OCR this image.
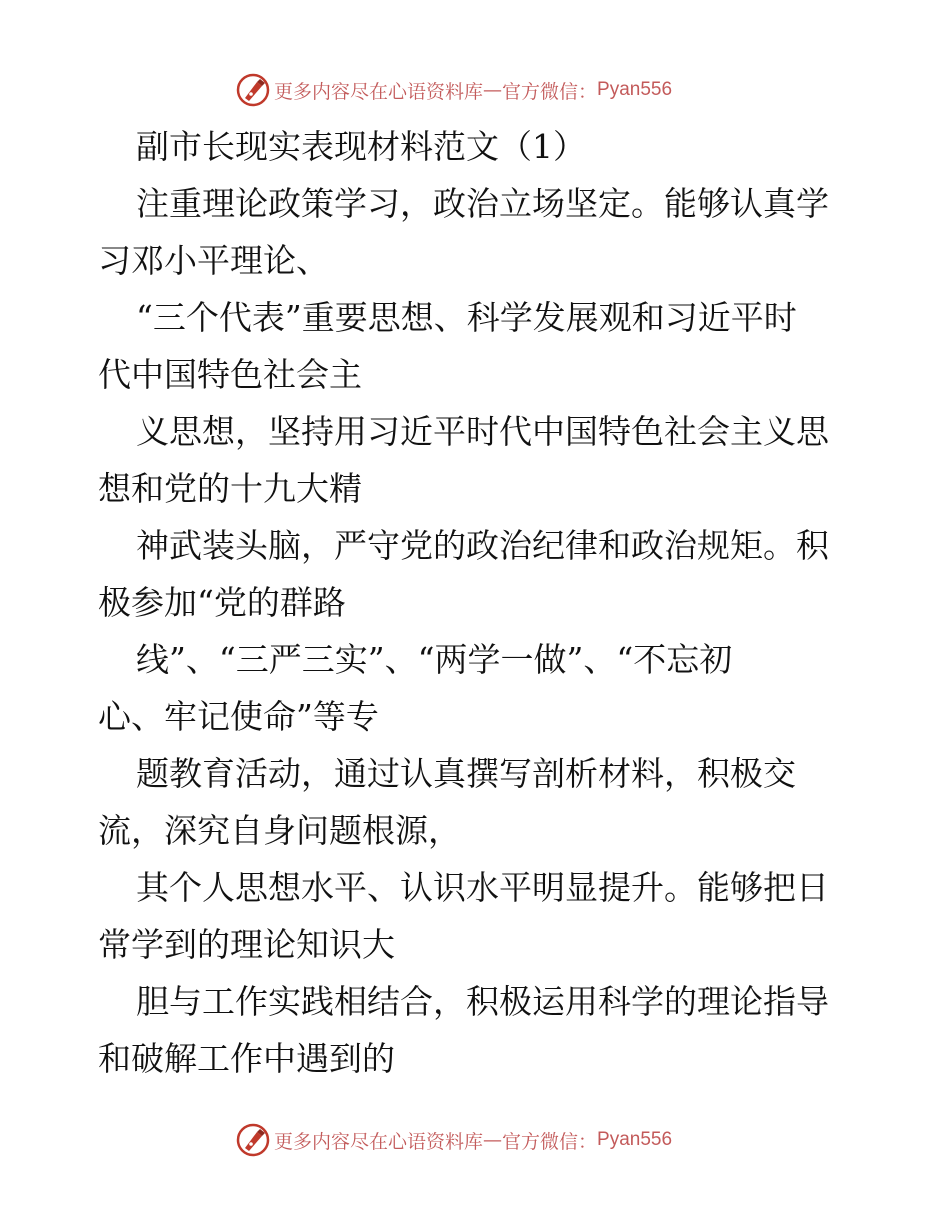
更多内容尽在心语资料库 — 官方微信： Pyan556
副市长现实表现材料范文（1）
注重理论政策学习，政治立场坚定。能够认真学
习邓小平理论、
“三个代表”重要思想、科学发展观和习近平时
代中国特色社会主
义思想，坚持用习近平时代中国特色社会主义思
想和党的十九大精
神武装头脑，严守党的政治纪律和政治规矩。积
极参加“党的群路
线”、“三严三实”、“两学一做”、“不忘初
心、牢记使命”等专
题教育活动，通过认真撰写剖析材料，积极交
流，深究自身问题根源，
其个人思想水平、认识水平明显提升。能够把日
常学到的理论知识大
胆与工作实践相结合，积极运用科学的理论指导
和破解工作中遇到的
更多内容尽在心语资料库 — 官方微信： Pyan556
